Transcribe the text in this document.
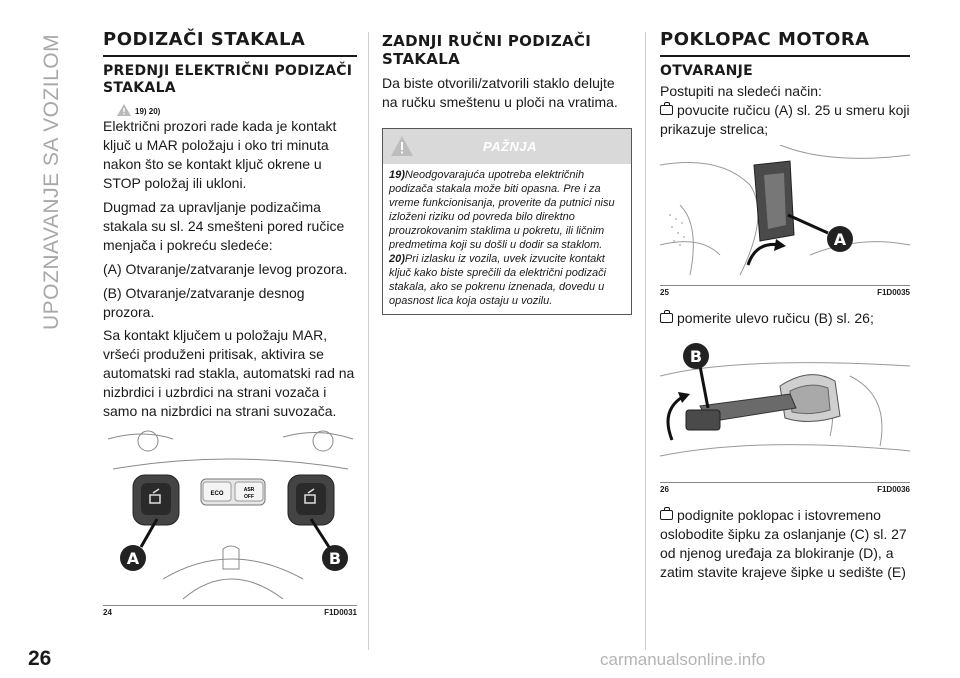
UPOZNAVANJE SA VOZILOM PODIZAČI STAKALA
PREDNJI ELEKTRIČNI PODIZAČI STAKALA
19) 20)

Električni prozori rade kada je kontakt ključ u MAR položaju i oko tri minuta nakon što se kontakt ključ okrene u STOP položaj ili ukloni.

Dugmad za upravljanje podizačima stakala su sl. 24 smešteni pored ručice menjača i pokreću sledeće:

(A) Otvaranje/zatvaranje levog prozora.

(B) Otvaranje/zatvaranje desnog prozora.

Sa kontakt ključem u položaju MAR, vršeći produženi pritisak, aktivira se automatski rad stakla, automatski rad na nizbrdici i uzbrdici na strani vozača i samo na nizbrdici na strani suvozača.

ECO
ASR
OFF
A	B
24	F1D0031
ZADNJI RUČNI PODIZAČI STAKALA

Da biste otvorili/zatvorili staklo delujte na ručku smeštenu u ploči na vratima.

PAŽNJA
19)Neodgovarajuća upotreba električnih podizača stakala može biti opasna. Pre i za vreme funkcionisanja, proverite da putnici nisu izloženi riziku od povreda bilo direktno prouzrokovanim staklima u pokretu, ili ličnim predmetima koji su došli u dodir sa staklom.
20)Pri izlasku iz vozila, uvek izvucite kontakt ključ kako biste sprečili da električni podizači stakala, ako se pokrenu iznenada, dovedu u opasnost lica koja ostaju u vozilu.
POKLOPAC MOTORA
OTVARANJE

Postupiti na sledeći način:

povucite ručicu (A) sl. 25 u smeru koji prikazuje strelica;

A
25	F1D0035

pomerite ulevo ručicu (B) sl. 26;

B
26	F1D0036

podignite poklopac i istovremeno oslobodite šipku za oslanjanje (C) sl. 27 od njenog uređaja za blokiranje (D), a zatim stavite krajeve šipke u sedište (E)

26	carmanualsonline.info
